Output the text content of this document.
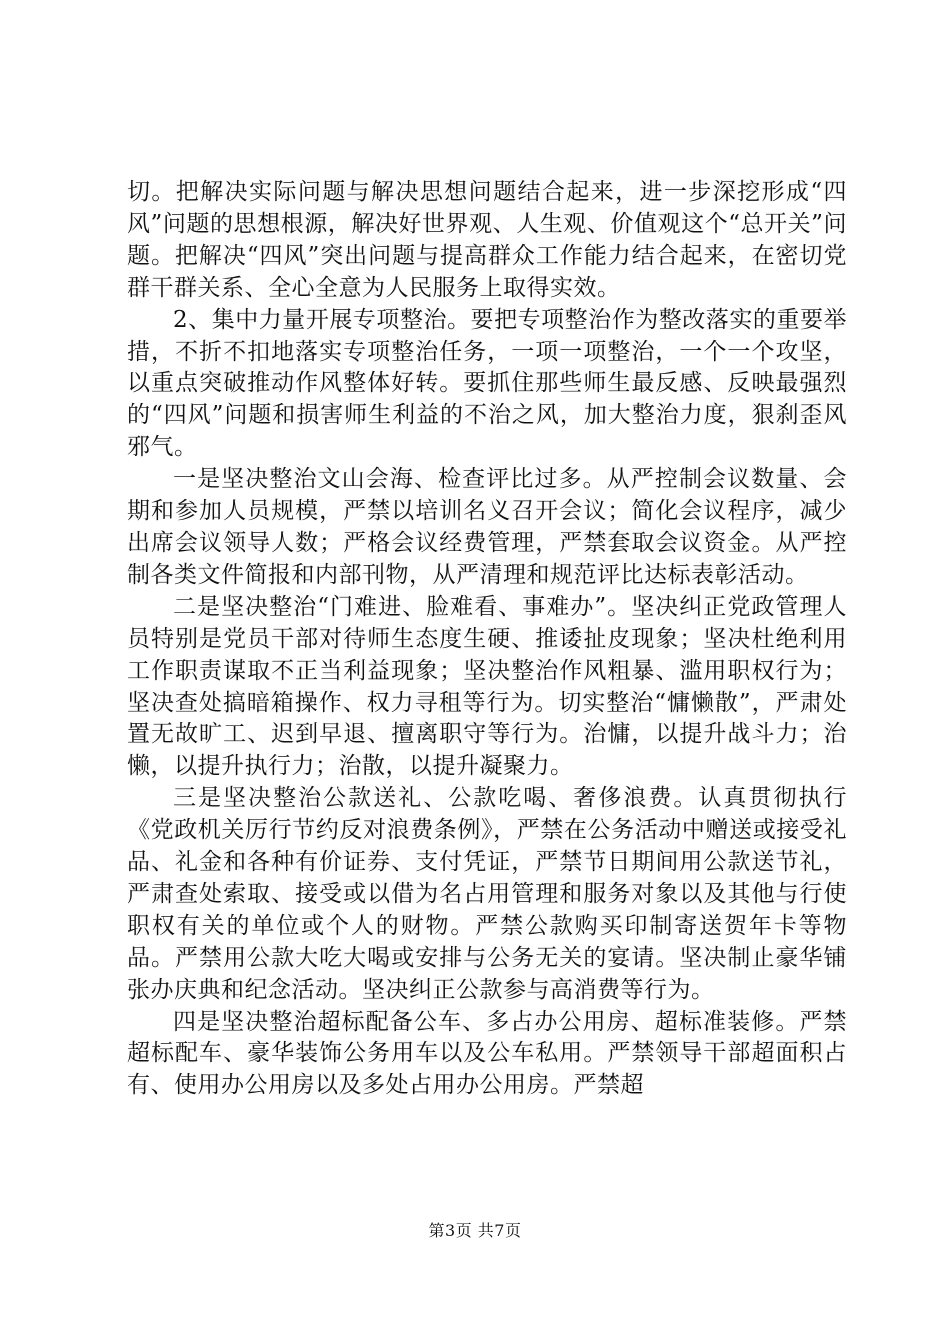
切。把解决实际问题与解决思想问题结合起来，进一步深挖形成“四风”问题的思想根源，解决好世界观、人生观、价值观这个“总开关”问题。把解决“四风”突出问题与提高群众工作能力结合起来，在密切党群干群关系、全心全意为人民服务上取得实效。

2、集中力量开展专项整治。要把专项整治作为整改落实的重要举措，不折不扣地落实专项整治任务，一项一项整治，一个一个攻坚，以重点突破推动作风整体好转。要抓住那些师生最反感、反映最强烈的“四风”问题和损害师生利益的不治之风，加大整治力度，狠刹歪风邪气。

一是坚决整治文山会海、检查评比过多。从严控制会议数量、会期和参加人员规模，严禁以培训名义召开会议；简化会议程序，减少出席会议领导人数；严格会议经费管理，严禁套取会议资金。从严控制各类文件简报和内部刊物，从严清理和规范评比达标表彰活动。

二是坚决整治“门难进、脸难看、事难办”。坚决纠正党政管理人员特别是党员干部对待师生态度生硬、推诿扯皮现象；坚决杜绝利用工作职责谋取不正当利益现象；坚决整治作风粗暴、滥用职权行为；坚决查处搞暗箱操作、权力寻租等行为。切实整治“慵懒散”，严肃处置无故旷工、迟到早退、擅离职守等行为。治慵，以提升战斗力；治懒，以提升执行力；治散，以提升凝聚力。

三是坚决整治公款送礼、公款吃喝、奢侈浪费。认真贯彻执行《党政机关厉行节约反对浪费条例》，严禁在公务活动中赠送或接受礼品、礼金和各种有价证券、支付凭证，严禁节日期间用公款送节礼，严肃查处索取、接受或以借为名占用管理和服务对象以及其他与行使职权有关的单位或个人的财物。严禁公款购买印制寄送贺年卡等物品。严禁用公款大吃大喝或安排与公务无关的宴请。坚决制止豪华铺张办庆典和纪念活动。坚决纠正公款参与高消费等行为。

四是坚决整治超标配备公车、多占办公用房、超标准装修。严禁超标配车、豪华装饰公务用车以及公车私用。严禁领导干部超面积占有、使用办公用房以及多处占用办公用房。严禁超

第3页 共7页
